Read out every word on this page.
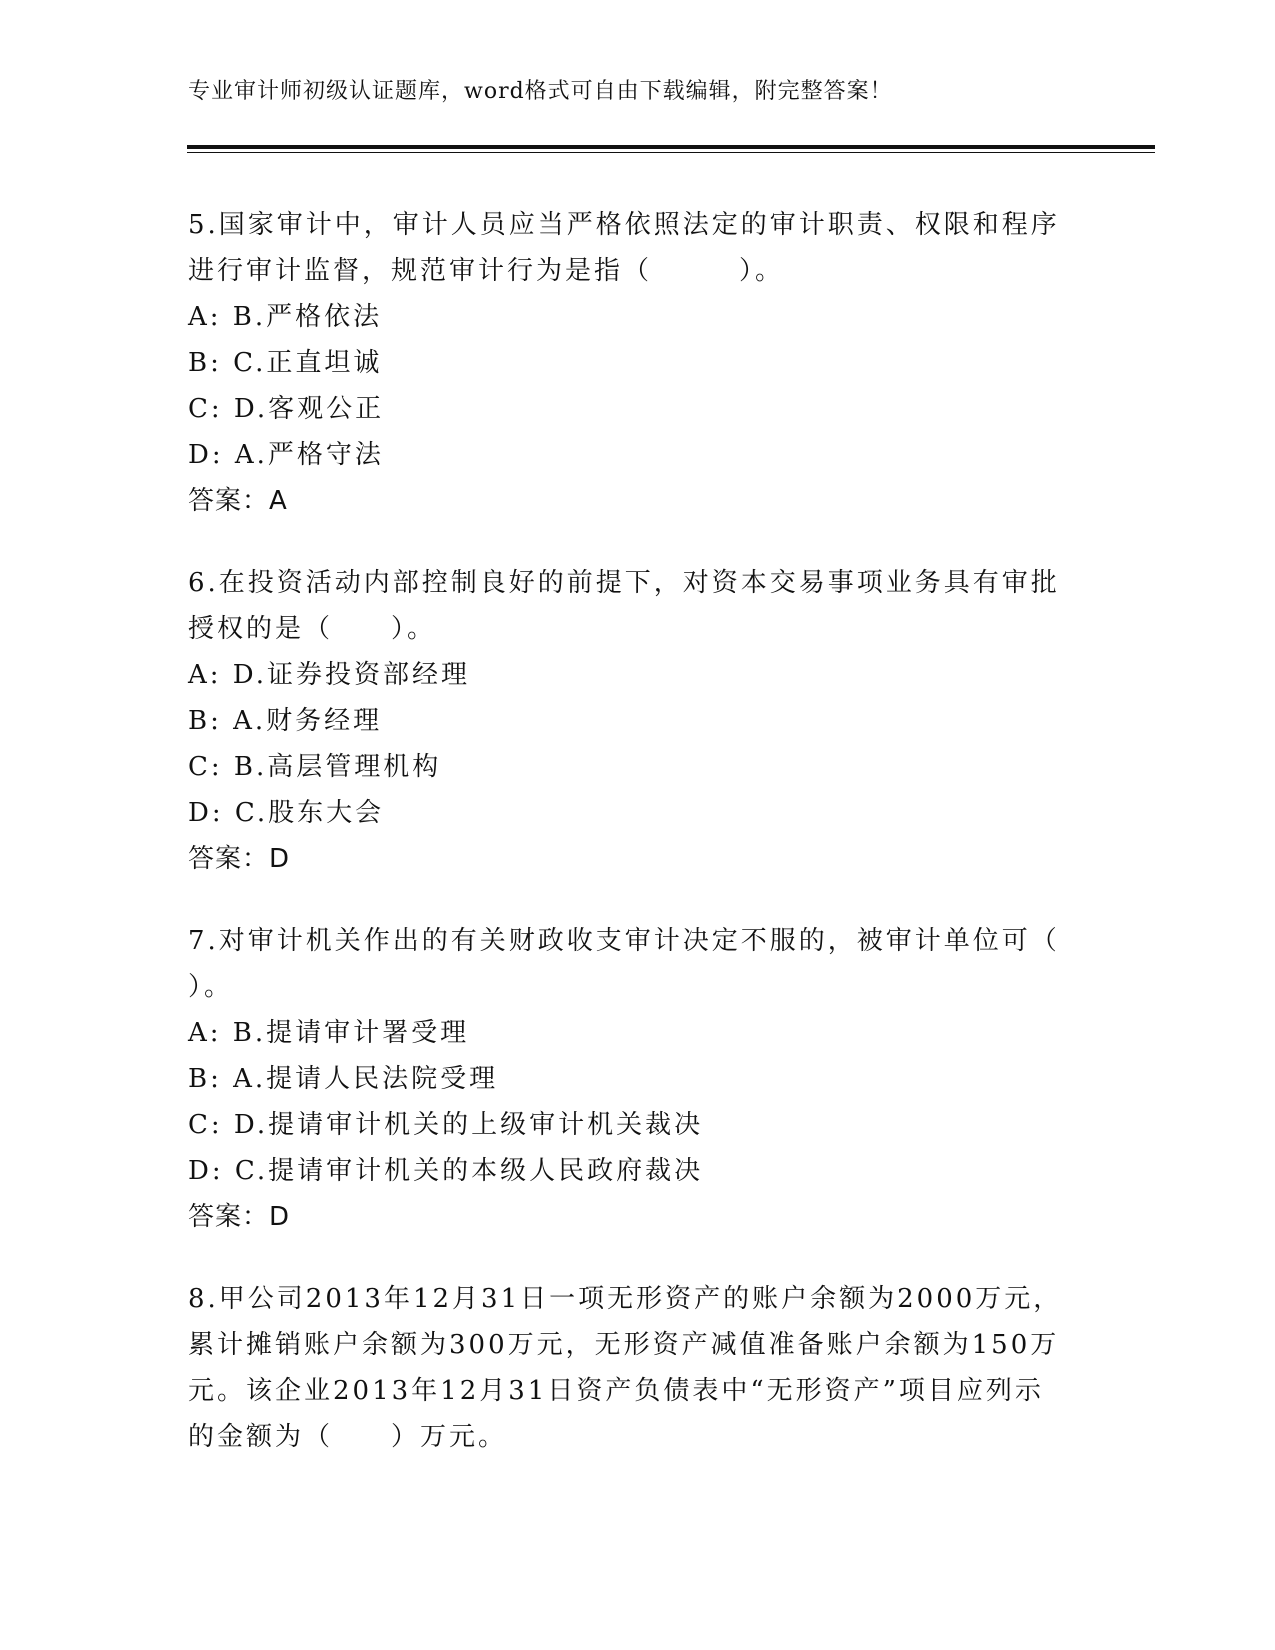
专业审计师初级认证题库，word格式可自由下载编辑，附完整答案！
5.国家审计中，审计人员应当严格依照法定的审计职责、权限和程序
进行审计监督，规范审计行为是指（　　　）。
A: B.严格依法
B: C.正直坦诚
C: D.客观公正
D: A.严格守法
答案：A
6.在投资活动内部控制良好的前提下，对资本交易事项业务具有审批
授权的是（　　）。
A: D.证券投资部经理
B: A.财务经理
C: B.高层管理机构
D: C.股东大会
答案：D
7.对审计机关作出的有关财政收支审计决定不服的，被审计单位可（
）。
A: B.提请审计署受理
B: A.提请人民法院受理
C: D.提请审计机关的上级审计机关裁决
D: C.提请审计机关的本级人民政府裁决
答案：D
8.甲公司2013年12月31日一项无形资产的账户余额为2000万元，
累计摊销账户余额为300万元，无形资产减值准备账户余额为150万
元。该企业2013年12月31日资产负债表中“无形资产”项目应列示
的金额为（　　）万元。
